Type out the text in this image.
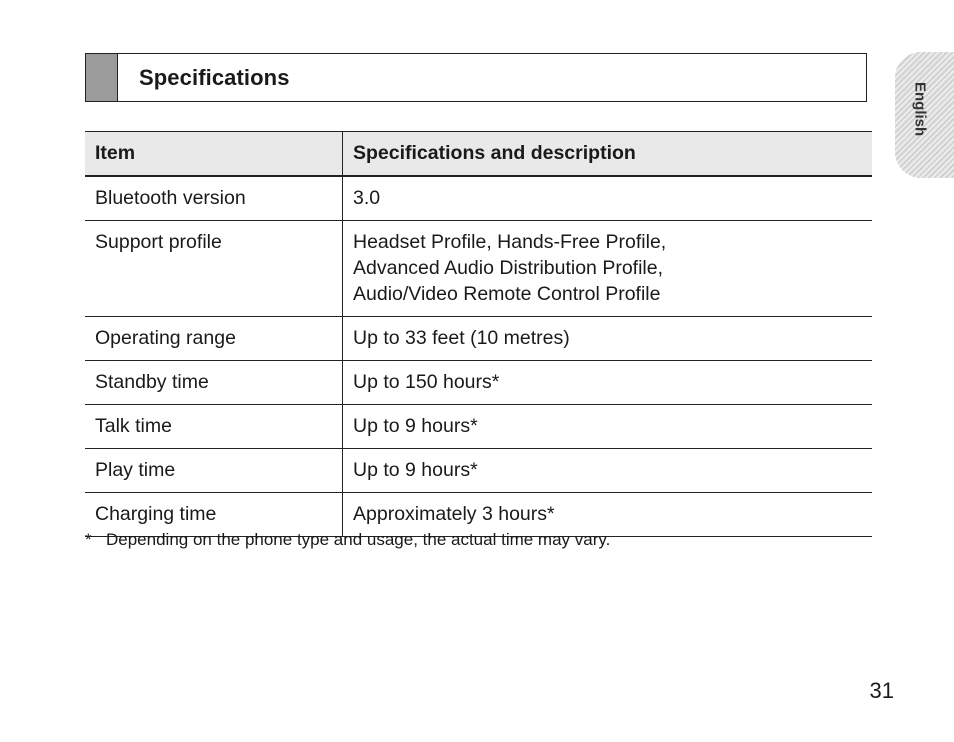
Specifications
English
Item	Specifications and description
Bluetooth version	3.0

Support profile	Headset Profile, Hands-Free Profile,
Advanced Audio Distribution Profile,
Audio/Video Remote Control Profile

Operating range	Up to 33 feet (10 metres)

Standby time	Up to 150 hours*

Talk time	Up to 9 hours*

Play time	Up to 9 hours*

Charging time	Approximately 3 hours*
* Depending on the phone type and usage, the actual time may vary.
31
